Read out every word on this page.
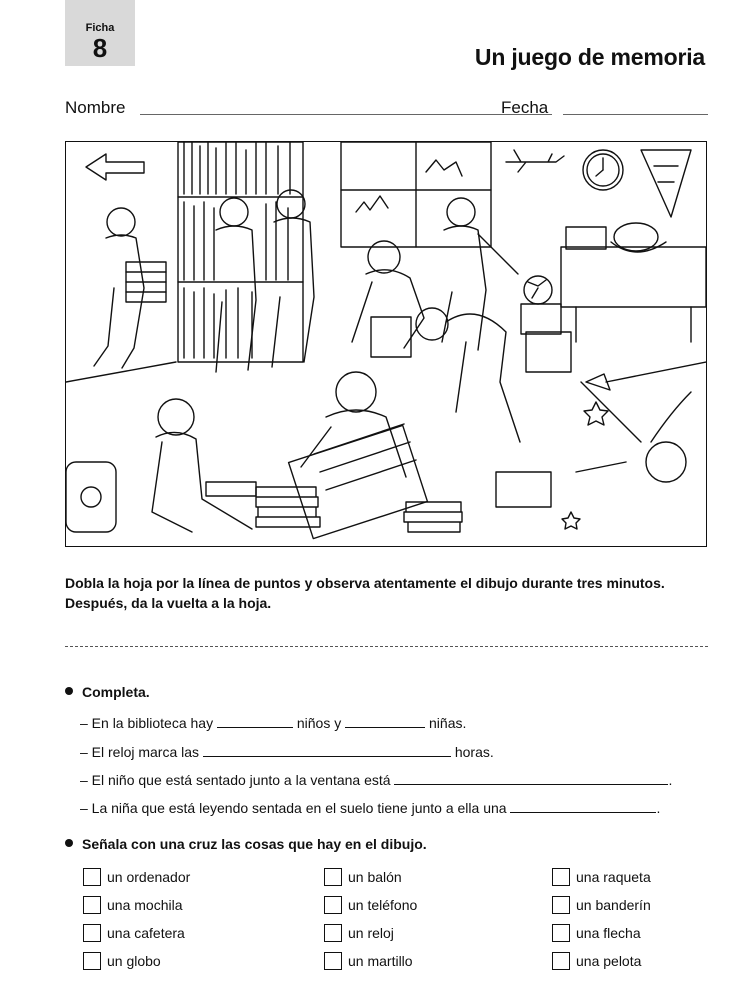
Ficha
8	Un juego de memoria
Nombre	Fecha
Dobla la hoja por la línea de puntos y observa atentamente el dibujo durante tres minutos.
Después, da la vuelta a la hoja.
Completa.
– En la biblioteca hay	niños y	niñas.
– El reloj marca las	horas.
– El niño que está sentado junto a la ventana está	.
– La niña que está leyendo sentada en el suelo tiene junto a ella una	.
Señala con una cruz las cosas que hay en el dibujo.
un ordenador
una mochila
una cafetera
un globo
un balón
un teléfono
un reloj
un martillo
una raqueta
un banderín
una flecha
una pelota
